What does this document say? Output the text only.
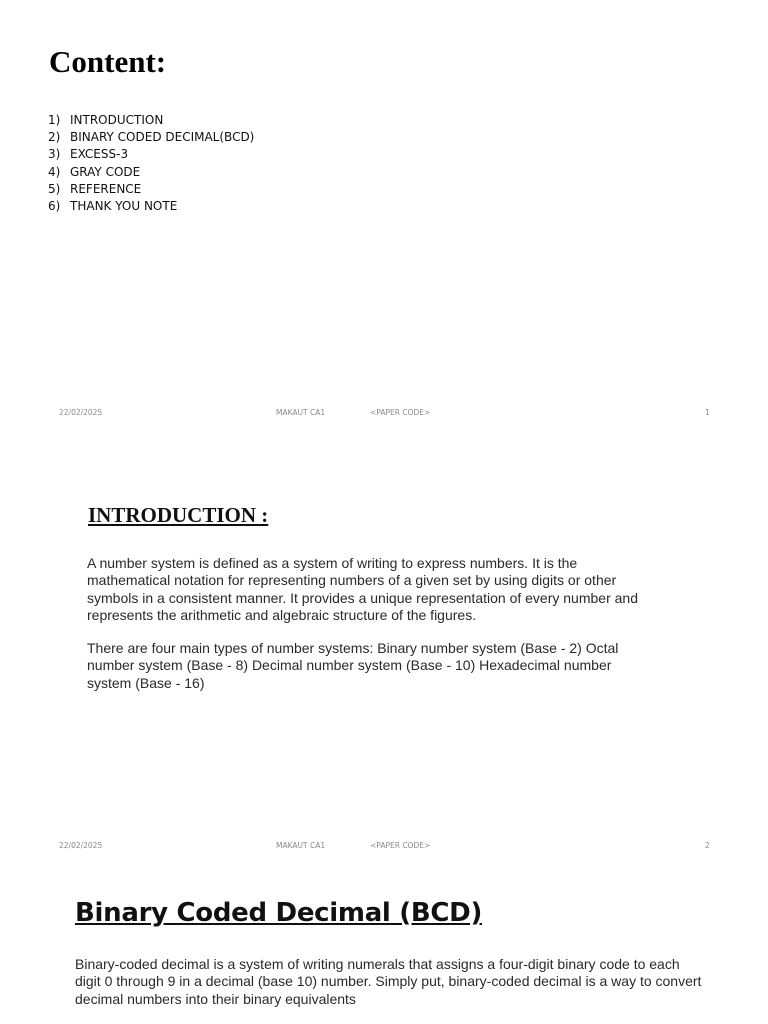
Content:
1) INTRODUCTION
2) BINARY CODED DECIMAL(BCD)
3) EXCESS-3
4) GRAY CODE
5) REFERENCE
6) THANK YOU NOTE
22/02/2025	MAKAUT CA1	<PAPER CODE>	1
INTRODUCTION :

A number system is defined as a system of writing to express numbers. It is the mathematical notation for representing numbers of a given set by using digits or other symbols in a consistent manner. It provides a unique representation of every number and represents the arithmetic and algebraic structure of the figures.

There are four main types of number systems: Binary number system (Base - 2) Octal number system (Base - 8) Decimal number system (Base - 10) Hexadecimal number system (Base - 16)

22/02/2025	MAKAUT CA1	<PAPER CODE>	2
Binary Coded Decimal (BCD)

Binary-coded decimal is a system of writing numerals that assigns a four-digit binary code to each digit 0 through 9 in a decimal (base 10) number. Simply put, binary-coded decimal is a way to convert decimal numbers into their binary equivalents
